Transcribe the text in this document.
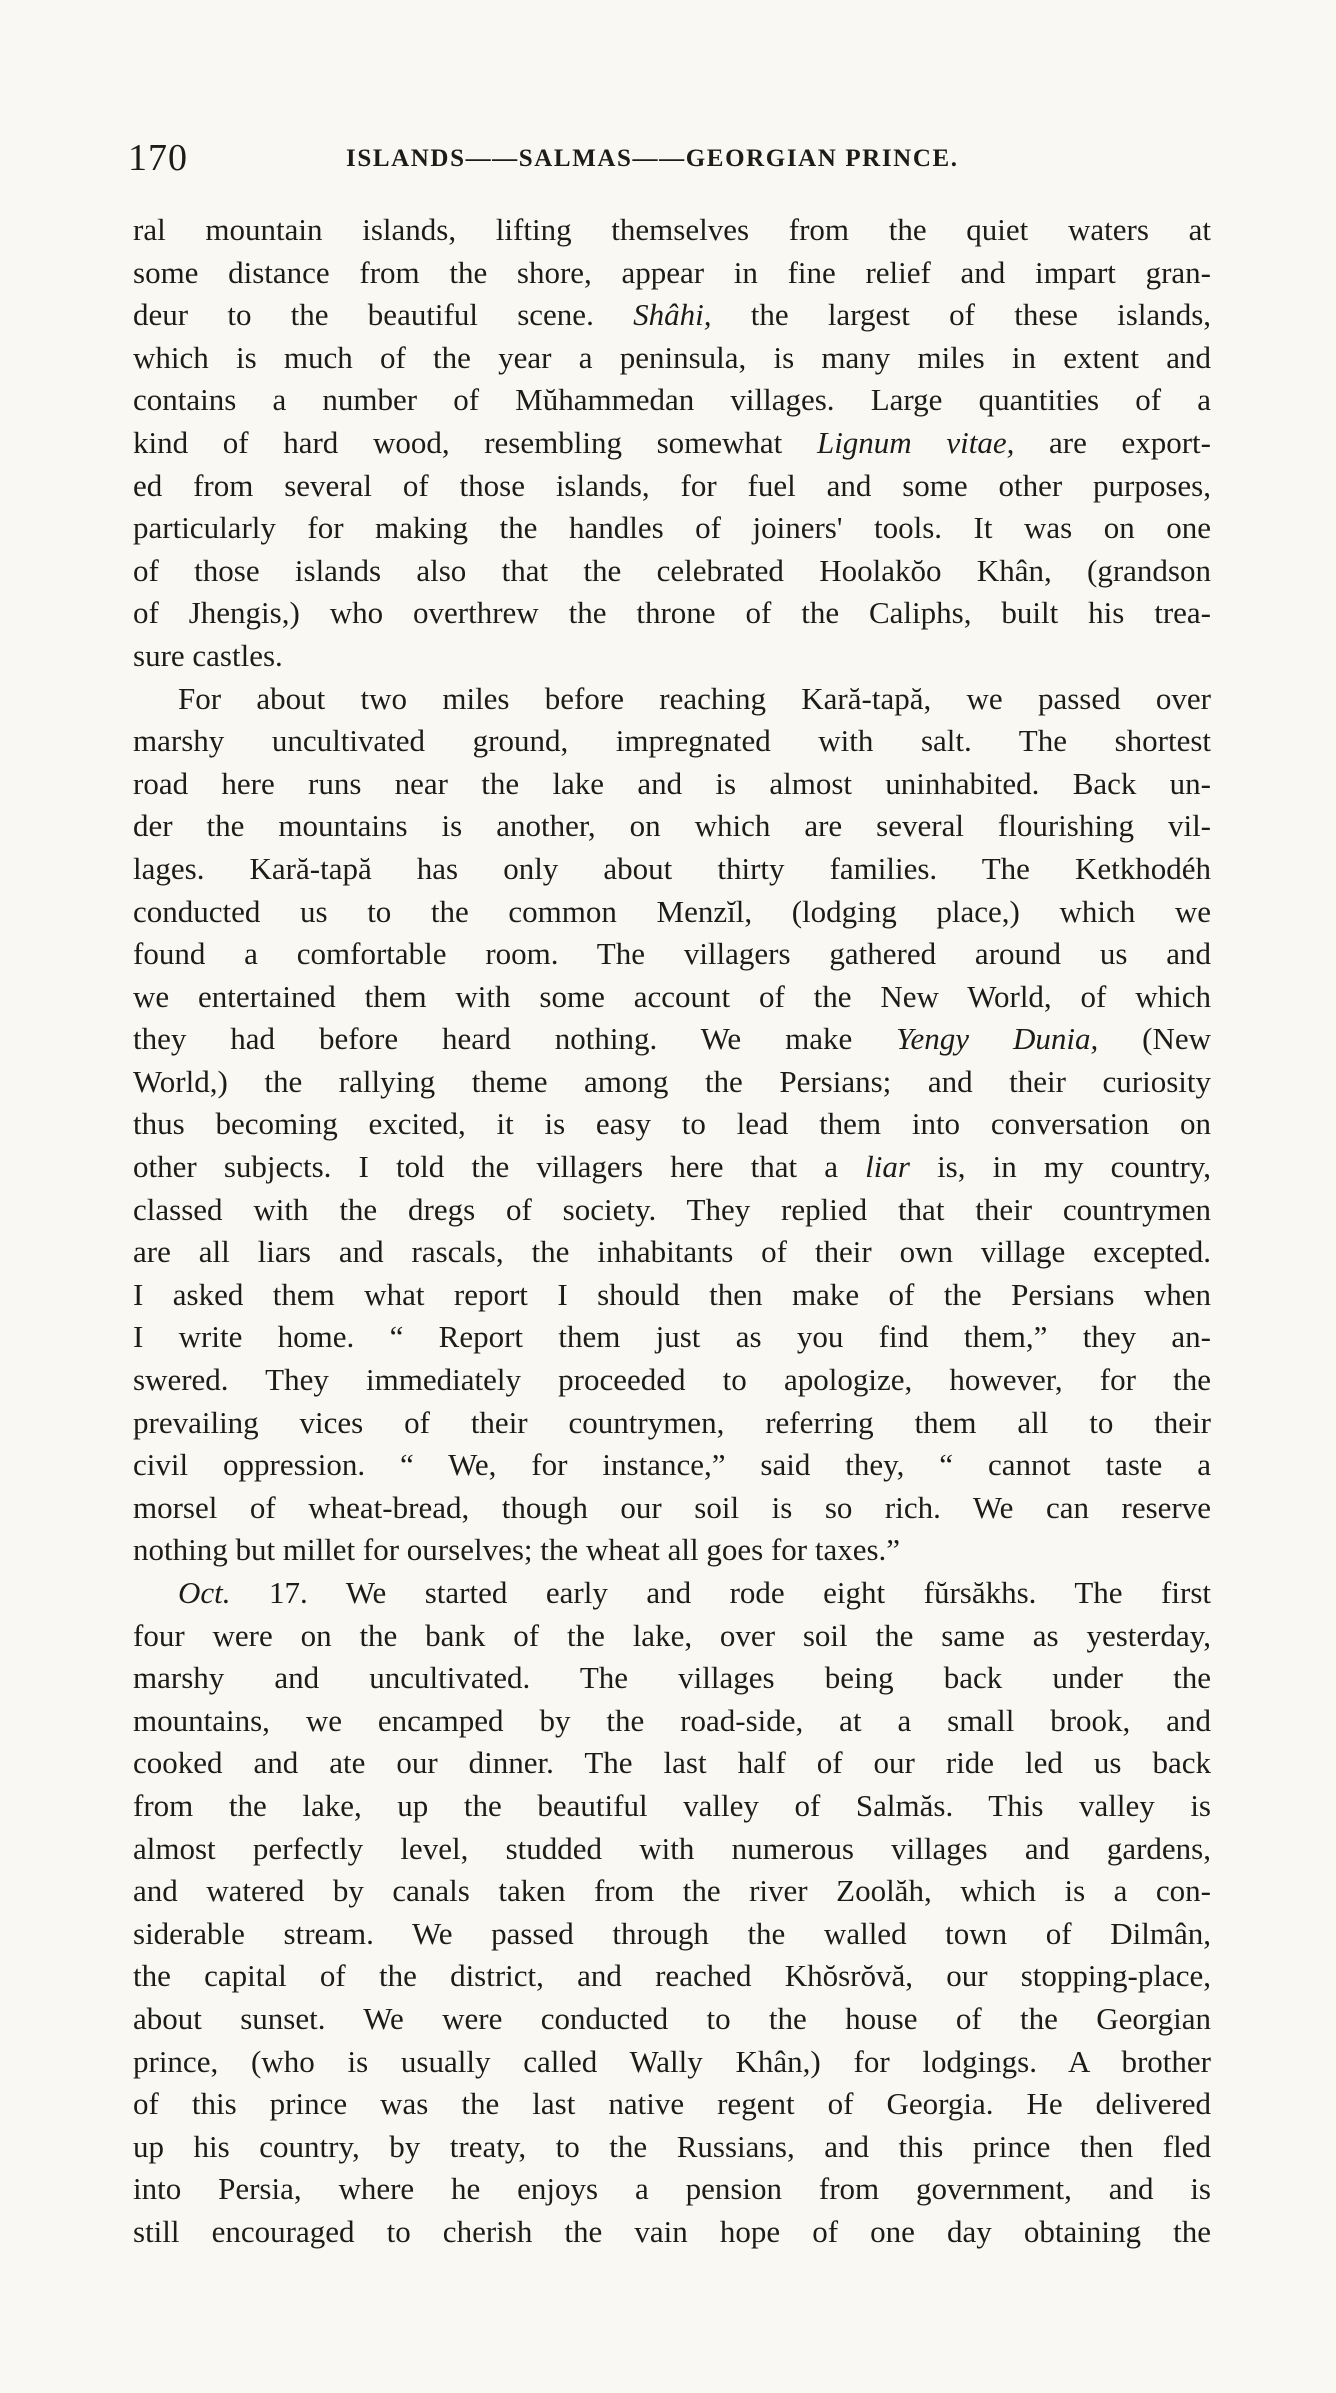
170	ISLANDS——SALMAS——GEORGIAN PRINCE.
ral mountain islands, lifting themselves from the quiet waters at
some distance from the shore, appear in fine relief and impart gran-
deur to the beautiful scene. Shâhi, the largest of these islands,
which is much of the year a peninsula, is many miles in extent and
contains a number of Mŭhammedan villages. Large quantities of a
kind of hard wood, resembling somewhat Lignum vitae, are export-
ed from several of those islands, for fuel and some other purposes,
particularly for making the handles of joiners' tools. It was on one
of those islands also that the celebrated Hoolakŏo Khân, (grandson
of Jhengis,) who overthrew the throne of the Caliphs, built his trea-
sure castles.
For about two miles before reaching Kară-tapă, we passed over
marshy uncultivated ground, impregnated with salt. The shortest
road here runs near the lake and is almost uninhabited. Back un-
der the mountains is another, on which are several flourishing vil-
lages. Kară-tapă has only about thirty families. The Ketkhodéh
conducted us to the common Menzĭl, (lodging place,) which we
found a comfortable room. The villagers gathered around us and
we entertained them with some account of the New World, of which
they had before heard nothing. We make Yengy Dunia, (New
World,) the rallying theme among the Persians; and their curiosity
thus becoming excited, it is easy to lead them into conversation on
other subjects. I told the villagers here that a liar is, in my country,
classed with the dregs of society. They replied that their countrymen
are all liars and rascals, the inhabitants of their own village excepted.
I asked them what report I should then make of the Persians when
I write home. “ Report them just as you find them,” they an-
swered. They immediately proceeded to apologize, however, for the
prevailing vices of their countrymen, referring them all to their
civil oppression. “ We, for instance,” said they, “ cannot taste a
morsel of wheat-bread, though our soil is so rich. We can reserve
nothing but millet for ourselves; the wheat all goes for taxes.”
Oct. 17. We started early and rode eight fŭrsăkhs. The first
four were on the bank of the lake, over soil the same as yesterday,
marshy and uncultivated. The villages being back under the
mountains, we encamped by the road-side, at a small brook, and
cooked and ate our dinner. The last half of our ride led us back
from the lake, up the beautiful valley of Salmăs. This valley is
almost perfectly level, studded with numerous villages and gardens,
and watered by canals taken from the river Zoolăh, which is a con-
siderable stream. We passed through the walled town of Dilmân,
the capital of the district, and reached Khŏsrŏvă, our stopping-place,
about sunset. We were conducted to the house of the Georgian
prince, (who is usually called Wally Khân,) for lodgings. A brother
of this prince was the last native regent of Georgia. He delivered
up his country, by treaty, to the Russians, and this prince then fled
into Persia, where he enjoys a pension from government, and is
still encouraged to cherish the vain hope of one day obtaining the
